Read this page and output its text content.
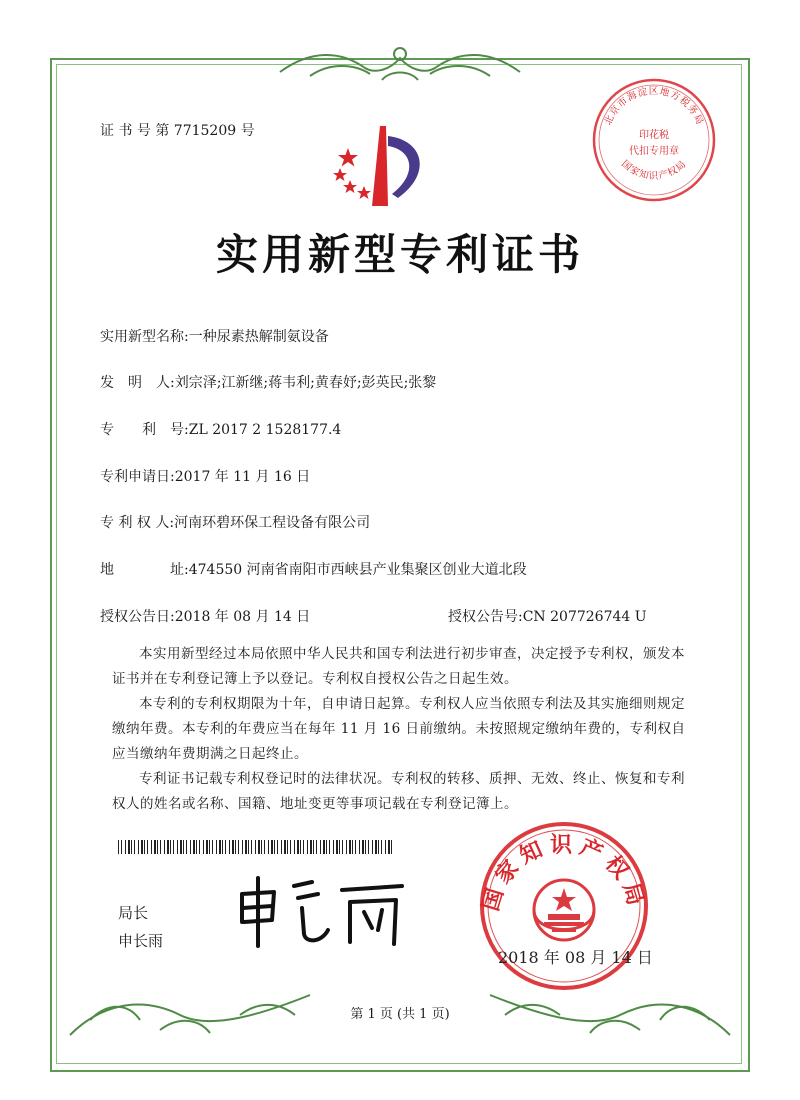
证 书 号 第 7715209 号
北京市海淀区地方税务局
印花税
代扣专用章
国家知识产权局
实用新型专利证书
实用新型名称:一种尿素热解制氨设备
发　明　人:刘宗泽;江新继;蒋韦利;黄春妤;彭英民;张黎
专　　利　号:ZL 2017 2 1528177.4
专利申请日:2017 年 11 月 16 日
专 利 权 人:河南环碧环保工程设备有限公司
地　　　　址:474550 河南省南阳市西峡县产业集聚区创业大道北段
授权公告日:2018 年 08 月 14 日	授权公告号:CN 207726744 U
本实用新型经过本局依照中华人民共和国专利法进行初步审查，决定授予专利权，颁发本证书并在专利登记簿上予以登记。专利权自授权公告之日起生效。
本专利的专利权期限为十年，自申请日起算。专利权人应当依照专利法及其实施细则规定缴纳年费。本专利的年费应当在每年 11 月 16 日前缴纳。未按照规定缴纳年费的，专利权自应当缴纳年费期满之日起终止。
专利证书记载专利权登记时的法律状况。专利权的转移、质押、无效、终止、恢复和专利权人的姓名或名称、国籍、地址变更等事项记载在专利登记簿上。
局长
申长雨
国家知识产权局
2018 年 08 月 14 日
第 1 页 (共 1 页)
